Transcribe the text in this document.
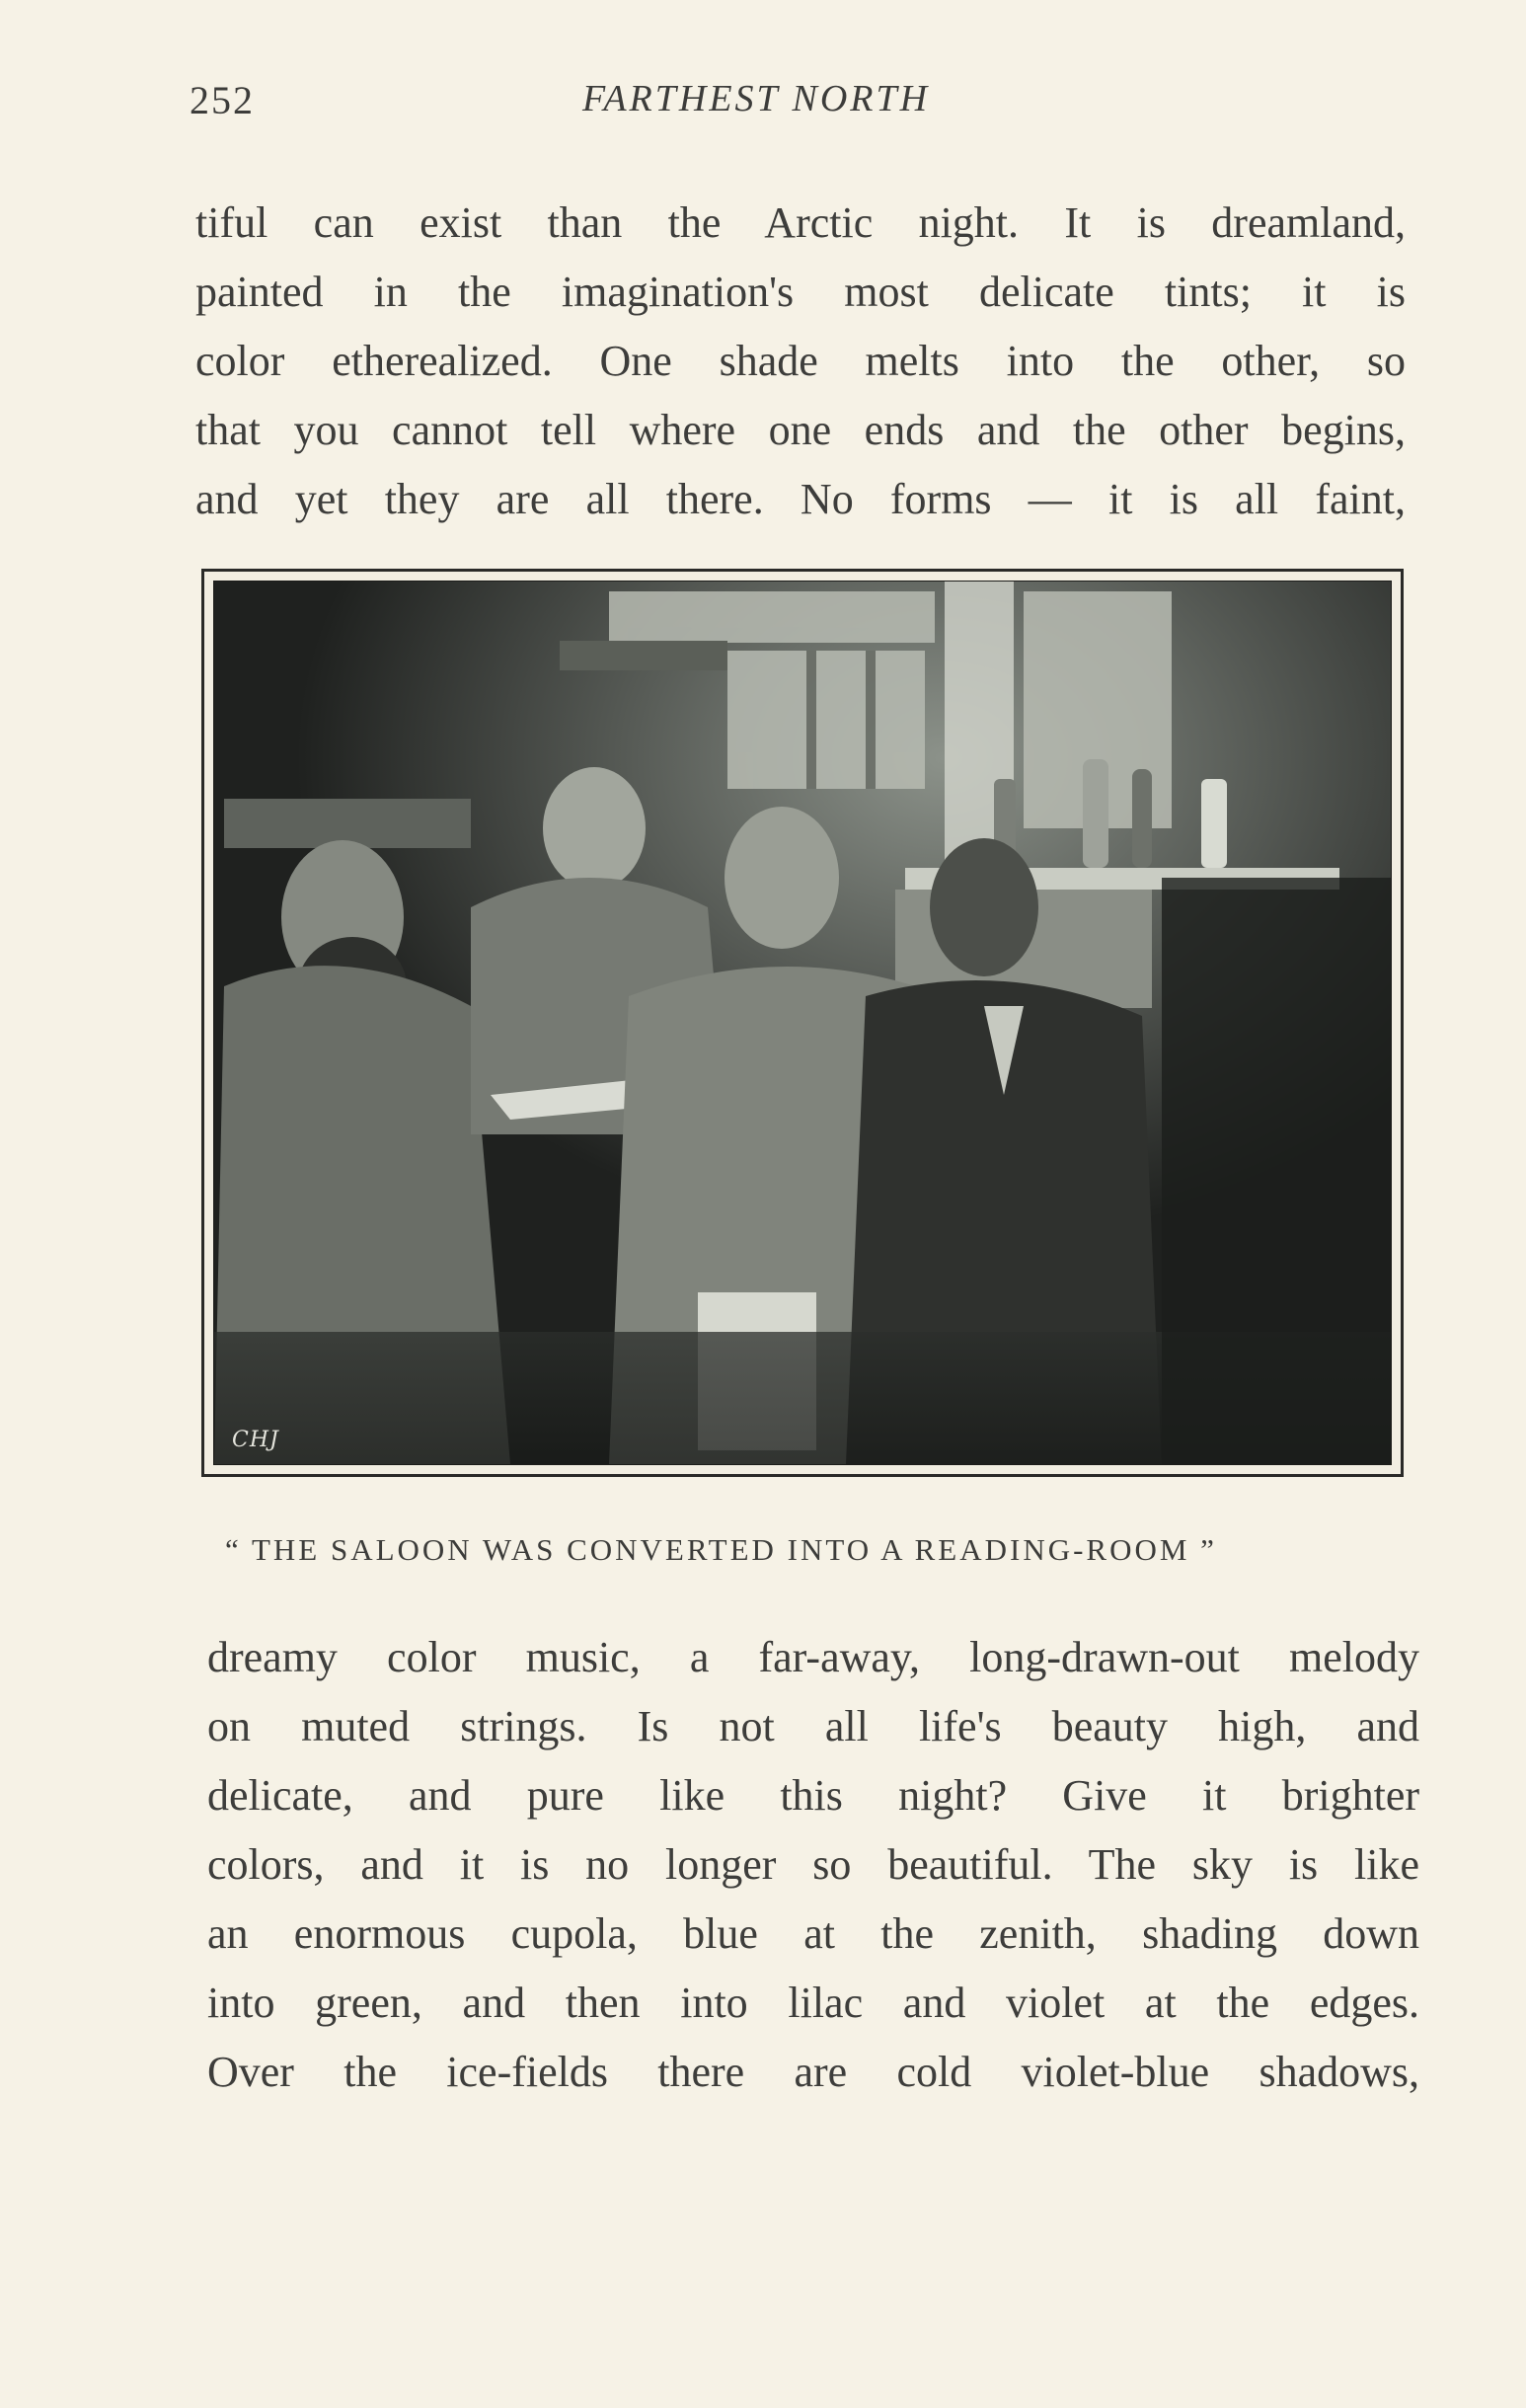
252	FARTHEST NORTH
tiful can exist than the Arctic night. It is dreamland,
painted in the imagination's most delicate tints; it is
color etherealized. One shade melts into the other, so
that you cannot tell where one ends and the other begins,
and yet they are all there. No forms — it is all faint,
CHJ
“ THE SALOON WAS CONVERTED INTO A READING-ROOM ”
dreamy color music, a far-away, long-drawn-out melody
on muted strings. Is not all life's beauty high, and
delicate, and pure like this night? Give it brighter
colors, and it is no longer so beautiful. The sky is like
an enormous cupola, blue at the zenith, shading down
into green, and then into lilac and violet at the edges.
Over the ice-fields there are cold violet-blue shadows,
